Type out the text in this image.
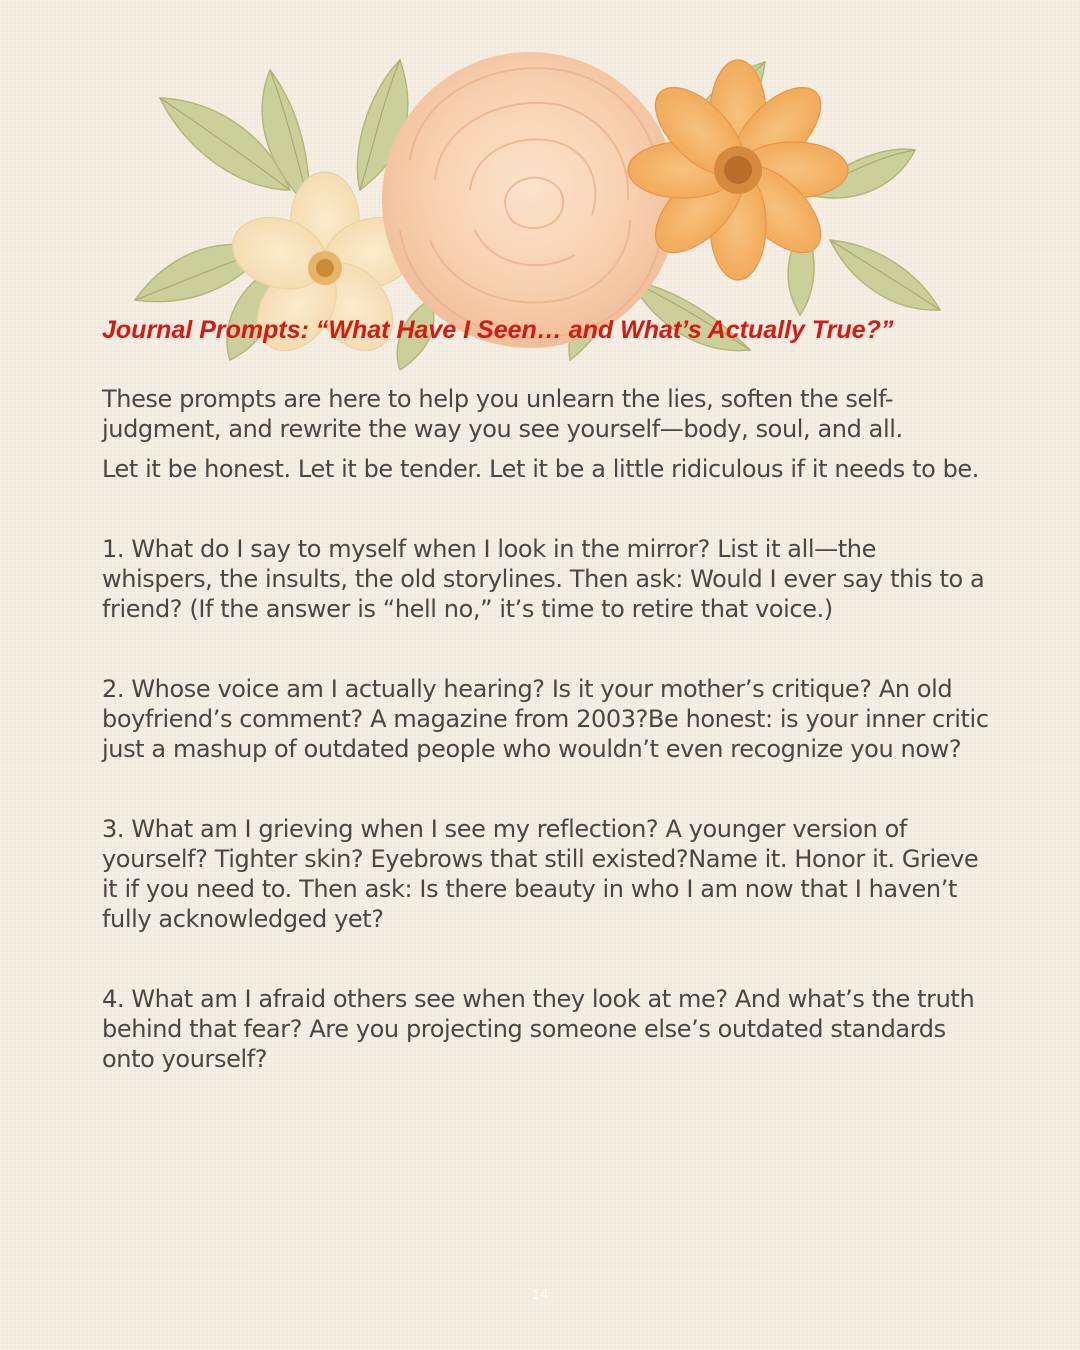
Journal Prompts: “What Have I Seen… and What’s Actually True?”

These prompts are here to help you unlearn the lies, soften the self-judgment, and rewrite the way you see yourself—body, soul, and all.

Let it be honest. Let it be tender. Let it be a little ridiculous if it needs to be.

1. What do I say to myself when I look in the mirror? List it all—the whispers, the insults, the old storylines. Then ask: Would I ever say this to a friend? (If the answer is “hell no,” it’s time to retire that voice.)

2. Whose voice am I actually hearing? Is it your mother’s critique? An old boyfriend’s comment? A magazine from 2003?Be honest: is your inner critic just a mashup of outdated people who wouldn’t even recognize you now?

3. What am I grieving when I see my reflection? A younger version of yourself? Tighter skin? Eyebrows that still existed?Name it. Honor it. Grieve it if you need to. Then ask: Is there beauty in who I am now that I haven’t fully acknowledged yet?

4. What am I afraid others see when they look at me? And what’s the truth behind that fear? Are you projecting someone else’s outdated standards onto yourself?

14
